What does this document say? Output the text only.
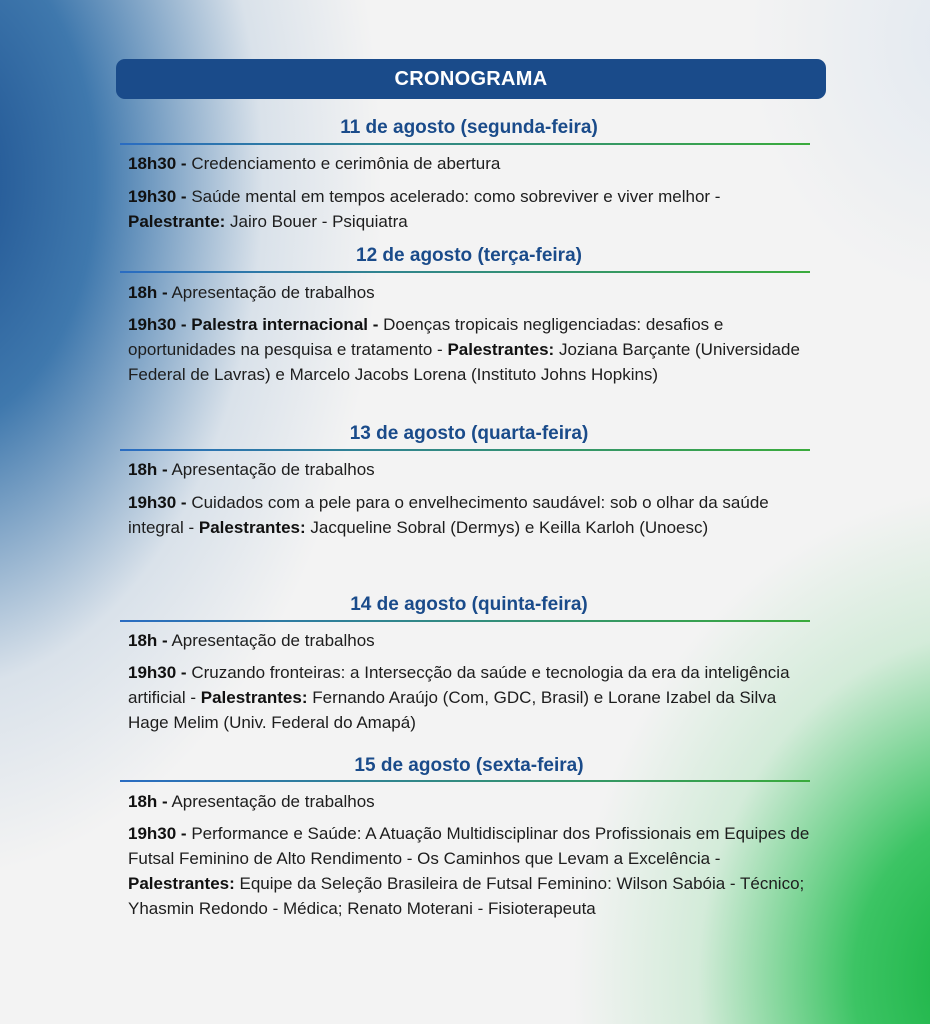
CRONOGRAMA
11 de agosto (segunda-feira)
18h30 - Credenciamento e cerimônia de abertura
19h30 - Saúde mental em tempos acelerado: como sobreviver e viver melhor - Palestrante: Jairo Bouer - Psiquiatra
12 de agosto (terça-feira)
18h - Apresentação de trabalhos
19h30 - Palestra internacional - Doenças tropicais negligenciadas: desafios e oportunidades na pesquisa e tratamento - Palestrantes: Joziana Barçante (Universidade Federal de Lavras) e Marcelo Jacobs Lorena (Instituto Johns Hopkins)
13 de agosto (quarta-feira)
18h - Apresentação de trabalhos
19h30 - Cuidados com a pele para o envelhecimento saudável: sob o olhar da saúde integral - Palestrantes: Jacqueline Sobral (Dermys) e Keilla Karloh (Unoesc)
14 de agosto (quinta-feira)
18h - Apresentação de trabalhos
19h30 - Cruzando fronteiras: a Intersecção da saúde e tecnologia da era da inteligência artificial - Palestrantes: Fernando Araújo (Com, GDC, Brasil) e Lorane Izabel da Silva Hage Melim (Univ. Federal do Amapá)
15 de agosto (sexta-feira)
18h - Apresentação de trabalhos
19h30 - Performance e Saúde: A Atuação Multidisciplinar dos Profissionais em Equipes de Futsal Feminino de Alto Rendimento - Os Caminhos que Levam a Excelência - Palestrantes: Equipe da Seleção Brasileira de Futsal Feminino: Wilson Sabóia - Técnico; Yhasmin Redondo - Médica; Renato Moterani - Fisioterapeuta
